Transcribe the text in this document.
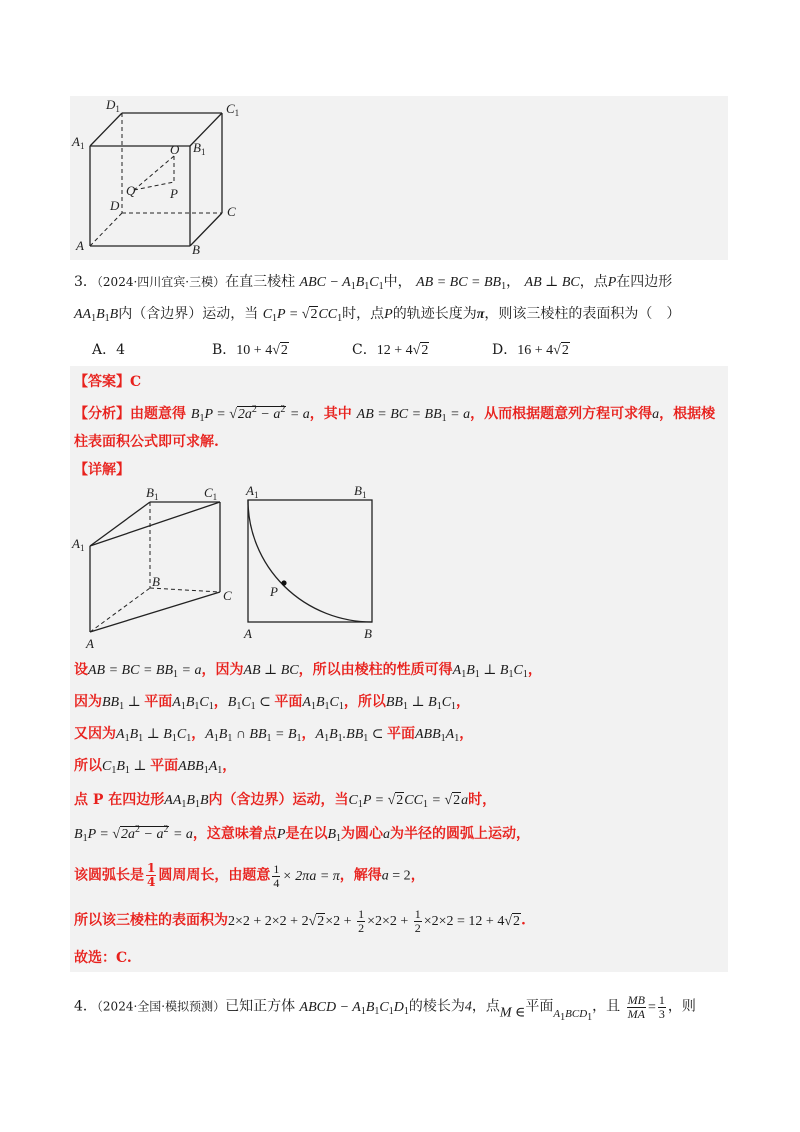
$D_1$	$C_1$
$A_1$	$B_1$
O
Q	P
D	C
A	B
3．（2024·四川宜宾·三模）在直三棱柱 ABC − $A_1B_1C_1$中， AB = BC = $BB_1$， AB ⊥ BC，点P在四边形
$AA_1B_1B$内（含边界）运动，当 $C_1P = √2CC_1$时，点P的轨迹长度为π，则该三棱柱的表面积为（　）
A．4	B．10 + 4√2	C．12 + 4√2	D．16 + 4√2
【答案】C
【分析】由题意得 $B_1P = √2a^2 - a^2 = a$，其中 AB = BC = $BB_1 = a$，从而根据题意列方程可求得a，根据棱
柱表面积公式即可求解.
【详解】
$B_1$	$C_1$
$A_1$
B
C
A
$A_1$	$B_1$
P
A	B
设AB = BC = $BB_1 = a$，因为AB ⊥ BC，所以由棱柱的性质可得$A_1B_1$ ⊥ $B_1C_1$，
因为$BB_1$ ⊥ 平面$A_1B_1C_1$，$B_1C_1$ ⊂ 平面$A_1B_1C_1$，所以$BB_1$ ⊥ $B_1C_1$，
又因为$A_1B_1$ ⊥ $B_1C_1$，$A_1B_1$ ∩ $BB_1 = B_1$，$A_1B_1.BB_1$ ⊂ 平面$ABB_1A_1$，
所以$C_1B_1$ ⊥ 平面$ABB_1A_1$，
点 P 在四边形$AA_1B_1B$内（含边界）运动，当$C_1P = √2CC_1 = √2a$时，
$B_1P = √2a^2 - a^2 = a$，这意味着点P是在以$B_1$为圆心a为半径的圆弧上运动，
该圆弧长是 $\frac{1}{4}$ 圆周周长，由题意 $\frac{1}{4} \times 2\pi a = \pi$，解得a = 2，
所以该三棱柱的表面积为$2\times 2 + 2\times 2 + 2√2\times 2 + \frac{1}{2} \times 2\times 2 + \frac{1}{2} \times 2\times 2 = 12 + 4√2$.
故选：C.
4．（2024·全国·模拟预测）已知正方体 ABCD − $A_1B_1C_1D_1$的棱长为4，点M ∈平面$_{A_1BCD_1}$，且 $\frac{MB}{MA} = \frac{1}{3}$ ，则
